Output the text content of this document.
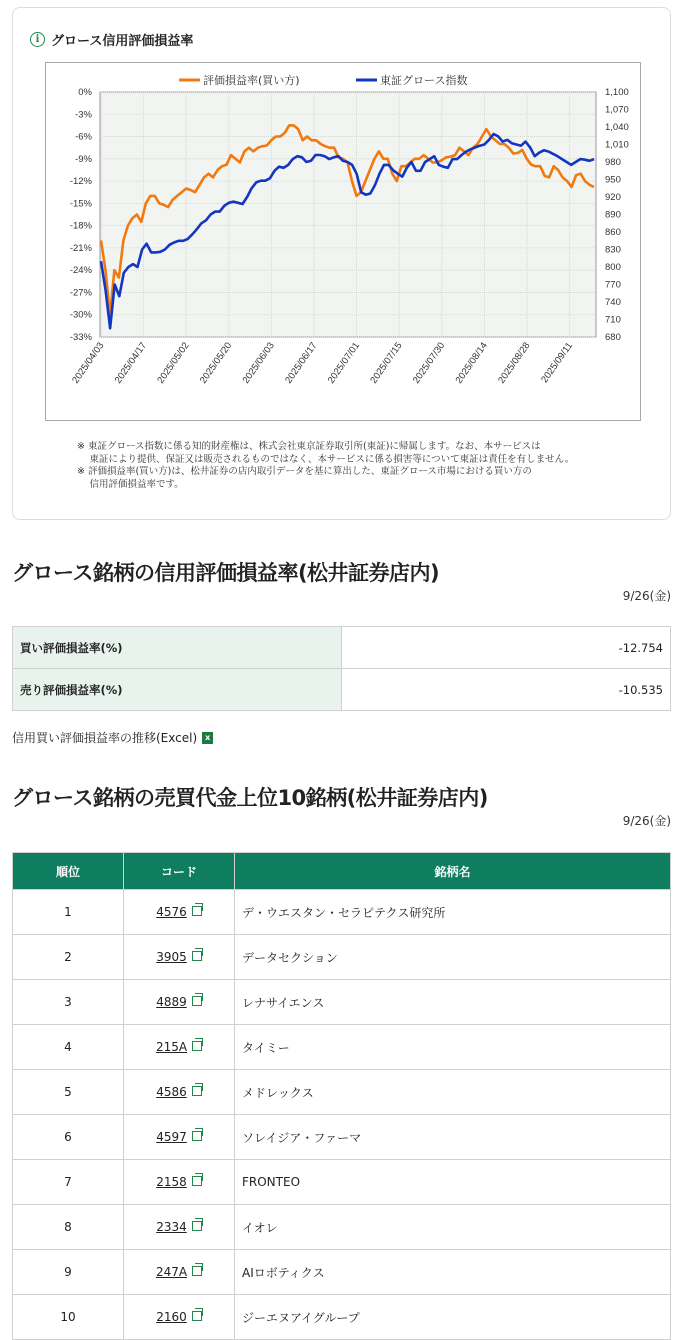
i グロース信用評価損益率
0%
-3%
-6%
-9%
-12%
-15%
-18%
-21%
-24%
-27%
-30%
-33%
1,100
1,070
1,040
1,010
980
950
920
890
860
830
800
770
740
710
680
2025/04/03 2025/04/17 2025/05/02 2025/05/20 2025/06/03 2025/06/17 2025/07/01 2025/07/15 2025/07/30 2025/08/14 2025/08/28 2025/09/11
評価損益率(買い方)	東証グロース指数
※ 東証グロース指数に係る知的財産権は、株式会社東京証券取引所(東証)に帰属します。なお、本サービスは
　 東証により提供、保証又は販売されるものではなく、本サービスに係る損害等について東証は責任を有しません。
※ 評価損益率(買い方)は、松井証券の店内取引データを基に算出した、東証グロース市場における買い方の
　 信用評価損益率です。
グロース銘柄の信用評価損益率(松井証券店内)
9/26(金)
買い評価損益率(%)	-12.754
売り評価損益率(%)	-10.535
信用買い評価損益率の推移(Excel) x
グロース銘柄の売買代金上位10銘柄(松井証券店内)
9/26(金)
順位	コード	銘柄名
1	4576	デ・ウエスタン・セラピテクス研究所
2	3905	データセクション
3	4889	レナサイエンス
4	215A	タイミー
5	4586	メドレックス
6	4597	ソレイジア・ファーマ
7	2158	FRONTEO
8	2334	イオレ
9	247A	AIロボティクス
10	2160	ジーエヌアイグループ
